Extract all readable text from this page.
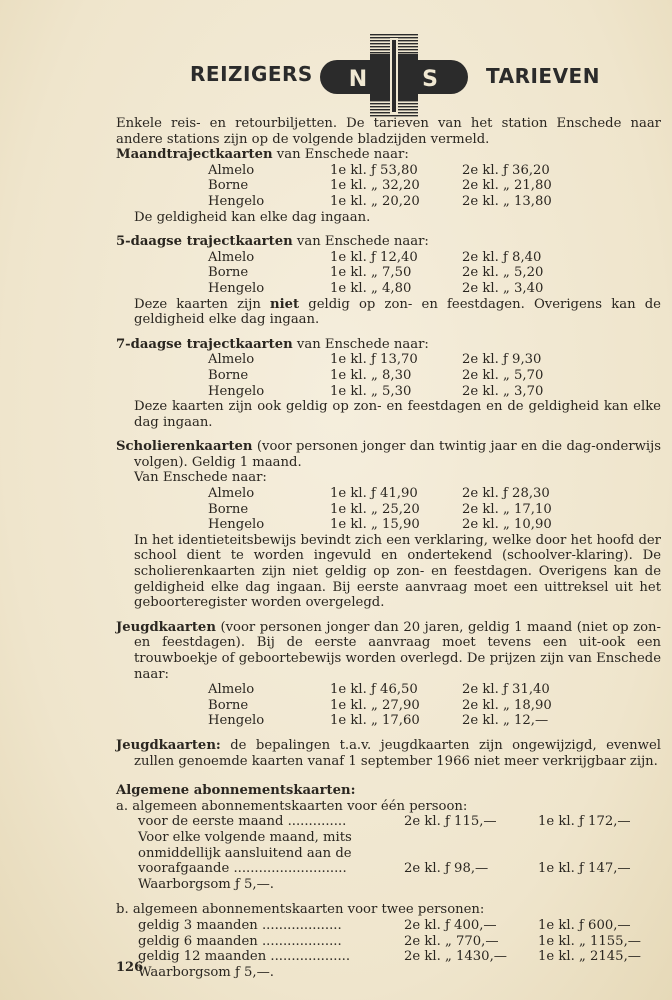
REIZIGERS N S TARIEVEN

Enkele reis- en retourbiljetten. De tarieven van het station Enschede naar andere stations zijn op de volgende bladzijden vermeld.

Maandtrajectkaarten van Enschede naar:

Almelo	1e kl. ƒ 53,80	2e kl. ƒ 36,20
Borne	1e kl. „ 32,20	2e kl. „ 21,80
Hengelo	1e kl. „ 20,20	2e kl. „ 13,80

De geldigheid kan elke dag ingaan.

5-daagse trajectkaarten van Enschede naar:

Almelo	1e kl. ƒ 12,40	2e kl. ƒ 8,40
Borne	1e kl. „ 7,50	2e kl. „ 5,20
Hengelo	1e kl. „ 4,80	2e kl. „ 3,40

Deze kaarten zijn niet geldig op zon- en feestdagen. Overigens kan de geldigheid elke dag ingaan.

7-daagse trajectkaarten van Enschede naar:

Almelo	1e kl. ƒ 13,70	2e kl. ƒ 9,30
Borne	1e kl. „ 8,30	2e kl. „ 5,70
Hengelo	1e kl. „ 5,30	2e kl. „ 3,70

Deze kaarten zijn ook geldig op zon- en feestdagen en de geldigheid kan elke dag ingaan.

Scholierenkaarten (voor personen jonger dan twintig jaar en die dag-onderwijs volgen). Geldig 1 maand.

Van Enschede naar:

Almelo	1e kl. ƒ 41,90	2e kl. ƒ 28,30
Borne	1e kl. „ 25,20	2e kl. „ 17,10
Hengelo	1e kl. „ 15,90	2e kl. „ 10,90

In het identieteitsbewijs bevindt zich een verklaring, welke door het hoofd der school dient te worden ingevuld en ondertekend (schoolver-klaring). De scholierenkaarten zijn niet geldig op zon- en feestdagen. Overigens kan de geldigheid elke dag ingaan. Bij eerste aanvraag moet een uittreksel uit het geboorteregister worden overgelegd.

Jeugdkaarten (voor personen jonger dan 20 jaren, geldig 1 maand (niet op zon- en feestdagen). Bij de eerste aanvraag moet tevens een uit-ook een trouwboekje of geboortebewijs worden overlegd. De prijzen zijn van Enschede naar:

Almelo	1e kl. ƒ 46,50	2e kl. ƒ 31,40
Borne	1e kl. „ 27,90	2e kl. „ 18,90
Hengelo	1e kl. „ 17,60	2e kl. „ 12,—

Jeugdkaarten: de bepalingen t.a.v. jeugdkaarten zijn ongewijzigd, evenwel zullen genoemde kaarten vanaf 1 september 1966 niet meer verkrijgbaar zijn.

Algemene abonnementskaarten:

a. algemeen abonnementskaarten voor één persoon:

voor de eerste maand ..............	2e kl. ƒ 115,—	1e kl. ƒ 172,—
Voor elke volgende maand, mits		
onmiddellijk aansluitend aan de		
voorafgaande ...........................	2e kl. ƒ 98,—	1e kl. ƒ 147,—
Waarborgsom ƒ 5,—.		

b. algemeen abonnementskaarten voor twee personen:

geldig 3 maanden ...................	2e kl. ƒ 400,—	1e kl. ƒ 600,—
geldig 6 maanden ...................	2e kl. „ 770,—	1e kl. „ 1155,—
geldig 12 maanden ...................	2e kl. „ 1430,—	1e kl. „ 2145,—
Waarborgsom ƒ 5,—.		
126
